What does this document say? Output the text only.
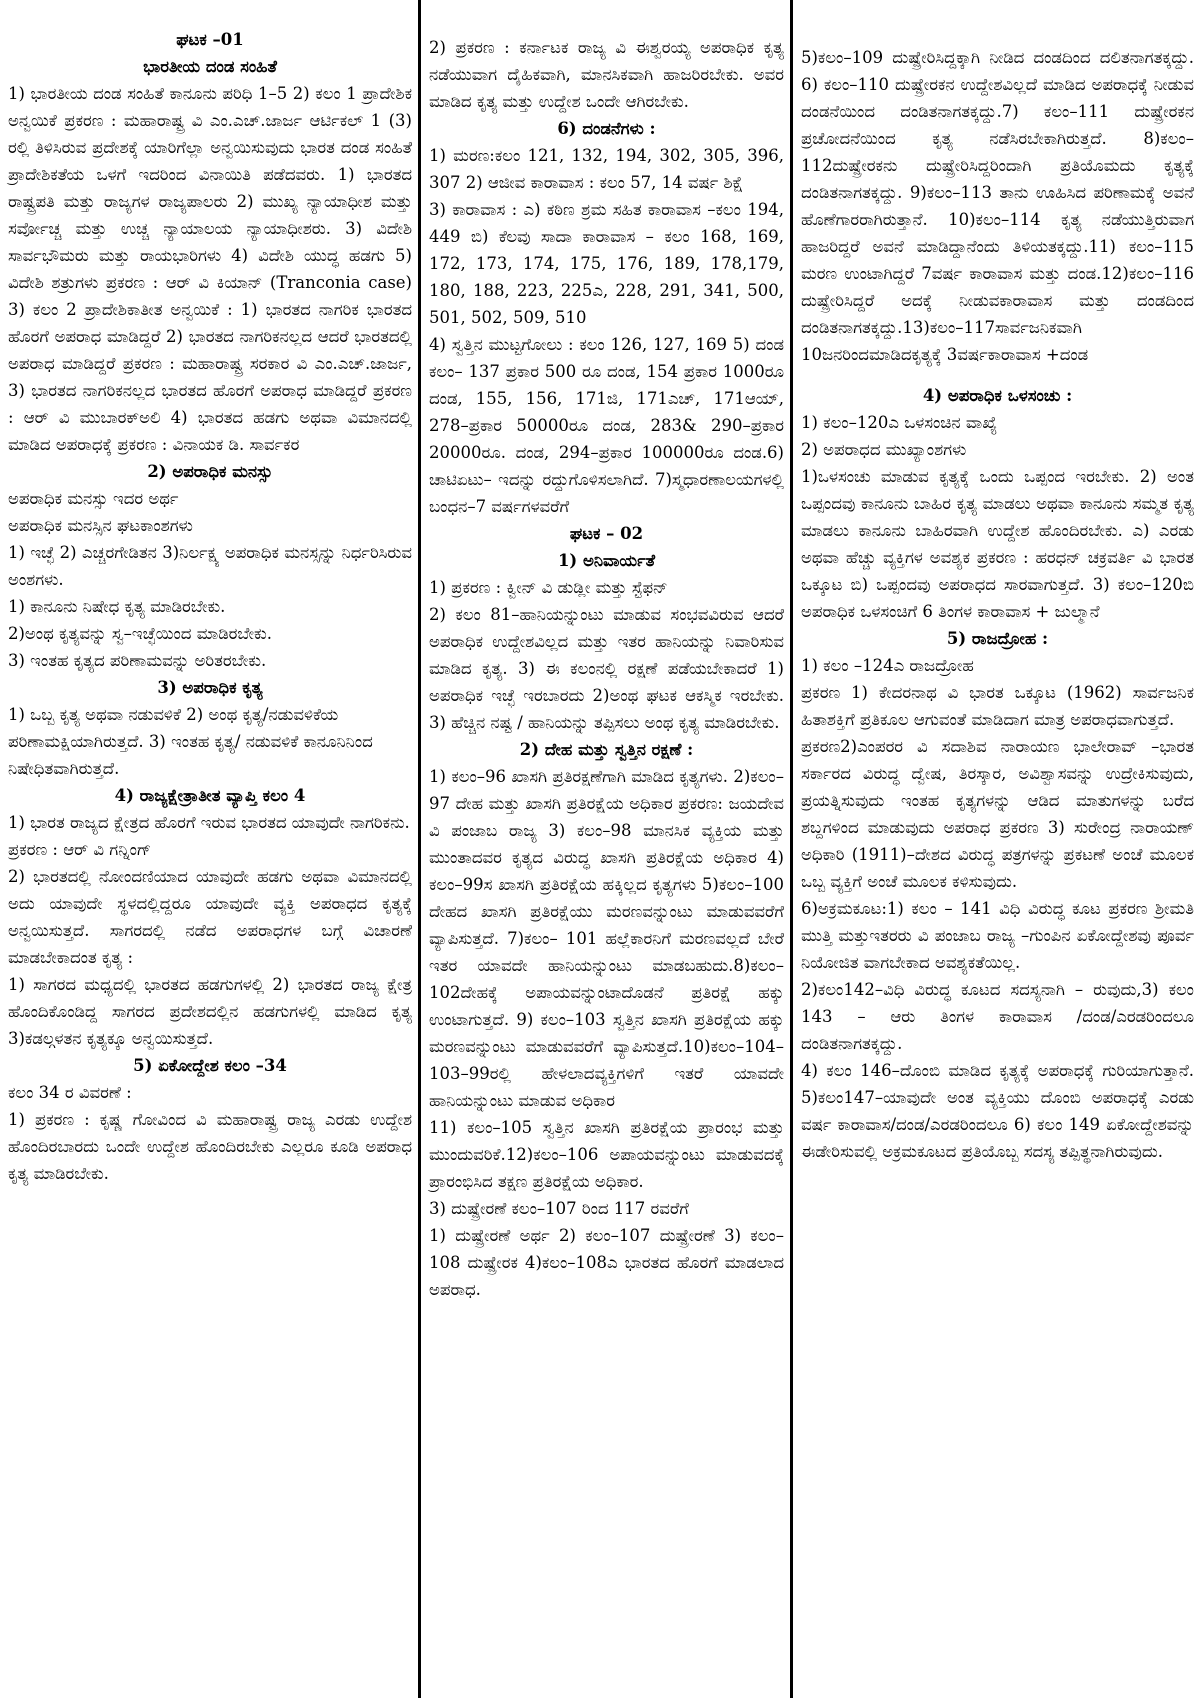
ಘಟಕ –01

ಭಾರತೀಯ ದಂಡ ಸಂಹಿತೆ

1) ಭಾರತೀಯ ದಂಡ ಸಂಹಿತೆ ಕಾನೂನು ಪರಿಧಿ 1–5 2) ಕಲಂ 1 ಪ್ರಾದೇಶಿಕ ಅನ್ವಯಿಕೆ ಪ್ರಕರಣ : ಮಹಾರಾಷ್ಟ್ರ ವಿ ಎಂ.ಎಚ್.ಜಾರ್ಜ ಆರ್ಟಿಕಲ್ 1 (3) ರಲ್ಲಿ ತಿಳಿಸಿರುವ ಪ್ರದೇಶಕ್ಕೆ ಯಾರಿಗೆಲ್ಲಾ ಅನ್ವಯಿಸುವುದು ಭಾರತ ದಂಡ ಸಂಹಿತೆ ಪ್ರಾದೇಶಿಕತೆಯ ಒಳಗೆ ಇದರಿಂದ ವಿನಾಯಿತಿ ಪಡೆದವರು. 1) ಭಾರತದ ರಾಷ್ಟ್ರಪತಿ ಮತ್ತು ರಾಜ್ಯಗಳ ರಾಜ್ಯಪಾಲರು 2) ಮುಖ್ಯ ನ್ಯಾಯಾಧೀಶ ಮತ್ತು ಸರ್ವೋಚ್ಚ ಮತ್ತು ಉಚ್ಚ ನ್ಯಾಯಾಲಯ ನ್ಯಾಯಾಧೀಶರು. 3) ವಿದೇಶಿ ಸಾರ್ವಭೌಮರು ಮತ್ತು ರಾಯಭಾರಿಗಳು 4) ವಿದೇಶಿ ಯುದ್ಧ ಹಡಗು 5) ವಿದೇಶಿ ಶತ್ರುಗಳು ಪ್ರಕರಣ : ಆರ್ ವಿ ಕಿಯಾನ್ (Tranconia case) 3) ಕಲಂ 2 ಪ್ರಾದೇಶಿಕಾತೀತ ಅನ್ವಯಿಕೆ : 1) ಭಾರತದ ನಾಗರಿಕ ಭಾರತದ ಹೊರಗೆ ಅಪರಾಧ ಮಾಡಿದ್ದರೆ 2) ಭಾರತದ ನಾಗರಿಕನಲ್ಲದ ಆದರೆ ಭಾರತದಲ್ಲಿ ಅಪರಾಧ ಮಾಡಿದ್ದರೆ ಪ್ರಕರಣ : ಮಹಾರಾಷ್ಟ್ರ ಸರಕಾರ ವಿ ಎಂ.ಎಚ್.ಜಾರ್ಜ, 3) ಭಾರತದ ನಾಗರಿಕನಲ್ಲದ ಭಾರತದ ಹೊರಗೆ ಅಪರಾಧ ಮಾಡಿದ್ದರೆ ಪ್ರಕರಣ : ಆರ್ ವಿ ಮುಬಾರಕ್‌ಅಲಿ 4) ಭಾರತದ ಹಡಗು ಅಥವಾ ವಿಮಾನದಲ್ಲಿ ಮಾಡಿದ ಅಪರಾಧಕ್ಕೆ ಪ್ರಕರಣ : ವಿನಾಯಕ ಡಿ. ಸಾರ್ವಕರ

2) ಅಪರಾಧಿಕ ಮನಸ್ಸು

ಅಪರಾಧಿಕ ಮನಸ್ಸು ಇದರ ಅರ್ಥ

ಅಪರಾಧಿಕ ಮನಸ್ಸಿನ ಘಟಕಾಂಶಗಳು

1) ಇಚ್ಛೆ 2) ಎಚ್ಚರಗೇಡಿತನ 3)ನಿರ್ಲಕ್ಷ್ಯ ಅಪರಾಧಿಕ ಮನಸ್ಸನ್ನು ನಿರ್ಧರಿಸಿರುವ ಅಂಶಗಳು.

1) ಕಾನೂನು ನಿಷೇಧ ಕೃತ್ಯ ಮಾಡಿರಬೇಕು.

2)ಅಂಥ ಕೃತ್ಯವನ್ನು ಸ್ವ–ಇಚ್ಛೆಯಿಂದ ಮಾಡಿರಬೇಕು.

3) ಇಂತಹ ಕೃತ್ಯದ ಪರಿಣಾಮವನ್ನು ಅರಿತರಬೇಕು.

3) ಅಪರಾಧಿಕ ಕೃತ್ಯ

1) ಒಬ್ಬ ಕೃತ್ಯ ಅಥವಾ ನಡುವಳಿಕೆ 2) ಅಂಥ ಕೃತ್ಯ/ನಡುವಳಿಕೆಯ

ಪರಿಣಾಮಕ್ಷಿಯಾಗಿರುತ್ತದೆ. 3) ಇಂತಹ ಕೃತ್ಯ/ ನಡುವಳಿಕೆ ಕಾನೂನಿನಿಂದ

ನಿಷೇಧಿತವಾಗಿರುತ್ತದೆ.

4) ರಾಜ್ಯಕ್ಷೇತ್ರಾತೀತ ವ್ಯಾಪ್ತಿ ಕಲಂ 4

1) ಭಾರತ ರಾಜ್ಯದ ಕ್ಷೇತ್ರದ ಹೊರಗೆ ಇರುವ ಭಾರತದ ಯಾವುದೇ ನಾಗರಿಕನು.

ಪ್ರಕರಣ : ಆರ್ ವಿ ಗನ್ನಿಂಗ್

2) ಭಾರತದಲ್ಲಿ ನೋಂದಣಿಯಾದ ಯಾವುದೇ ಹಡಗು ಅಥವಾ ವಿಮಾನದಲ್ಲಿ ಅದು ಯಾವುದೇ ಸ್ಥಳದಲ್ಲಿದ್ದರೂ ಯಾವುದೇ ವ್ಯಕ್ತಿ ಅಪರಾಧದ ಕೃತ್ಯಕ್ಕೆ ಅನ್ವಯಿಸುತ್ತದೆ. ಸಾಗರದಲ್ಲಿ ನಡೆದ ಅಪರಾಧಗಳ ಬಗ್ಗೆ ವಿಚಾರಣೆ ಮಾಡಬೇಕಾದಂತ ಕೃತ್ಯ :

1) ಸಾಗರದ ಮಧ್ಯದಲ್ಲಿ ಭಾರತದ ಹಡಗುಗಳಲ್ಲಿ 2) ಭಾರತದ ರಾಜ್ಯ ಕ್ಷೇತ್ರ ಹೊಂದಿಕೊಂಡಿದ್ದ ಸಾಗರದ ಪ್ರದೇಶದಲ್ಲಿನ ಹಡಗುಗಳಲ್ಲಿ ಮಾಡಿದ ಕೃತ್ಯ 3)ಕಡಲ್ಗಳತನ ಕೃತ್ಯಕ್ಕೂ ಅನ್ವಯಿಸುತ್ತದೆ.

5) ಏಕೋದ್ದೇಶ ಕಲಂ –34

ಕಲಂ 34 ರ ವಿವರಣೆ :

1) ಪ್ರಕರಣ : ಕೃಷ್ಣ ಗೋವಿಂದ ವಿ ಮಹಾರಾಷ್ಟ್ರ ರಾಜ್ಯ ಎರಡು ಉದ್ದೇಶ ಹೊಂದಿರಬಾರದು ಒಂದೇ ಉದ್ದೇಶ ಹೊಂದಿರಬೇಕು ಎಲ್ಲರೂ ಕೂಡಿ ಅಪರಾಧ ಕೃತ್ಯ ಮಾಡಿರಬೇಕು.

2) ಪ್ರಕರಣ : ಕರ್ನಾಟಕ ರಾಜ್ಯ ವಿ ಈಶ್ವರಯ್ಯ ಅಪರಾಧಿಕ ಕೃತ್ಯ ನಡೆಯುವಾಗ ದೈಹಿಕವಾಗಿ, ಮಾನಸಿಕವಾಗಿ ಹಾಜರಿರಬೇಕು. ಅವರ ಮಾಡಿದ ಕೃತ್ಯ ಮತ್ತು ಉದ್ದೇಶ ಒಂದೇ ಆಗಿರಬೇಕು.

6) ದಂಡನೆಗಳು :

1) ಮರಣ:ಕಲಂ 121, 132, 194, 302, 305, 396, 307 2) ಆಜೀವ ಕಾರಾವಾಸ : ಕಲಂ 57, 14 ವರ್ಷ ಶಿಕ್ಷೆ

3) ಕಾರಾವಾಸ : ಎ) ಕಠಿಣ ಶ್ರಮ ಸಹಿತ ಕಾರಾವಾಸ –ಕಲಂ 194, 449 ಬಿ) ಕೆಲವು ಸಾದಾ ಕಾರಾವಾಸ – ಕಲಂ 168, 169, 172, 173, 174, 175, 176, 189, 178,179, 180, 188, 223, 225ಎ, 228, 291, 341, 500, 501, 502, 509, 510

4) ಸ್ವತ್ತಿನ ಮುಟ್ಟಗೋಲು : ಕಲಂ 126, 127, 169 5) ದಂಡ ಕಲಂ– 137 ಪ್ರಕಾರ 500 ರೂ ದಂಡ, 154 ಪ್ರಕಾರ 1000ರೂ ದಂಡ, 155, 156, 171ಜಿ, 171ಎಚ್, 171ಆಯ್, 278–ಪ್ರಕಾರ 50000ರೂ ದಂಡ, 283& 290–ಪ್ರಕಾರ 20000ರೂ. ದಂಡ, 294–ಪ್ರಕಾರ 100000ರೂ ದಂಡ.6) ಚಾಟಿಏಟು– ಇದನ್ನು ರದ್ದುಗೊಳಿಸಲಾಗಿದೆ. 7)ಸ್ಮಧಾರಣಾಲಯಗಳಲ್ಲಿ ಬಂಧನ–7 ವರ್ಷಗಳವರೆಗೆ

ಘಟಕ – 02

1) ಅನಿವಾರ್ಯತೆ

1) ಪ್ರಕರಣ : ಕ್ವೀನ್ ವಿ ಡುಡ್ಲೀ ಮತ್ತು ಸ್ಟೆಫನ್

2) ಕಲಂ 81–ಹಾನಿಯನ್ನುಂಟು ಮಾಡುವ ಸಂಭವವಿರುವ ಆದರೆ ಅಪರಾಧಿಕ ಉದ್ದೇಶವಿಲ್ಲದ ಮತ್ತು ಇತರ ಹಾನಿಯನ್ನು ನಿವಾರಿಸುವ ಮಾಡಿದ ಕೃತ್ಯ. 3) ಈ ಕಲಂನಲ್ಲಿ ರಕ್ಷಣೆ ಪಡೆಯಬೇಕಾದರೆ 1) ಅಪರಾಧಿಕ ಇಚ್ಛೆ ಇರಬಾರದು 2)ಅಂಥ ಘಟಕ ಆಕಸ್ಮಿಕ ಇರಬೇಕು. 3) ಹೆಚ್ಚಿನ ನಷ್ಟ / ಹಾನಿಯನ್ನು ತಪ್ಪಿಸಲು ಅಂಥ ಕೃತ್ಯ ಮಾಡಿರಬೇಕು.

2) ದೇಹ ಮತ್ತು ಸ್ವತ್ತಿನ ರಕ್ಷಣೆ :

1) ಕಲಂ–96 ಖಾಸಗಿ ಪ್ರತಿರಕ್ಷಣೆಗಾಗಿ ಮಾಡಿದ ಕೃತ್ಯಗಳು. 2)ಕಲಂ–97 ದೇಹ ಮತ್ತು ಖಾಸಗಿ ಪ್ರತಿರಕ್ಷೆಯ ಅಧಿಕಾರ ಪ್ರಕರಣ: ಜಯದೇವ ವಿ ಪಂಜಾಬ ರಾಜ್ಯ 3) ಕಲಂ–98 ಮಾನಸಿಕ ವ್ಯಕ್ತಿಯ ಮತ್ತು ಮುಂತಾದವರ ಕೃತ್ಯದ ವಿರುದ್ಧ ಖಾಸಗಿ ಪ್ರತಿರಕ್ಷೆಯ ಅಧಿಕಾರ 4) ಕಲಂ–99ಸ ಖಾಸಗಿ ಪ್ರತಿರಕ್ಷೆಯ ಹಕ್ಕಿಲ್ಲದ ಕೃತ್ಯಗಳು 5)ಕಲಂ–100 ದೇಹದ ಖಾಸಗಿ ಪ್ರತಿರಕ್ಷೆಯು ಮರಣವನ್ನುಂಟು ಮಾಡುವವರೆಗೆ ವ್ಯಾಪಿಸುತ್ತದೆ. 7)ಕಲಂ– 101 ಹಲ್ಲೆಕಾರನಿಗೆ ಮರಣವಲ್ಲದೆ ಬೇರೆ ಇತರ ಯಾವದೇ ಹಾನಿಯನ್ನುಂಟು ಮಾಡಬಹುದು.8)ಕಲಂ– 102ದೇಹಕ್ಕೆ ಅಪಾಯವನ್ನುಂಟಾದೊಡನೆ ಪ್ರತಿರಕ್ಷೆ ಹಕ್ಕು ಉಂಟಾಗುತ್ತದೆ. 9) ಕಲಂ–103 ಸ್ವತ್ತಿನ ಖಾಸಗಿ ಪ್ರತಿರಕ್ಷೆಯ ಹಕ್ಕು ಮರಣವನ್ನುಂಟು ಮಾಡುವವರೆಗೆ ವ್ಯಾಪಿಸುತ್ತದೆ.10)ಕಲಂ–104–103–99ರಲ್ಲಿ ಹೇಳಲಾದವ್ಯಕ್ತಿಗಳಿಗೆ ಇತರೆ ಯಾವದೇ ಹಾನಿಯನ್ನುಂಟು ಮಾಡುವ ಅಧಿಕಾರ

11) ಕಲಂ–105 ಸ್ವತ್ತಿನ ಖಾಸಗಿ ಪ್ರತಿರಕ್ಷೆಯ ಪ್ರಾರಂಭ ಮತ್ತು ಮುಂದುವರಿಕೆ.12)ಕಲಂ–106 ಅಪಾಯವನ್ನುಂಟು ಮಾಡುವದಕ್ಕೆ ಪ್ರಾರಂಭಿಸಿದ ತಕ್ಷಣ ಪ್ರತಿರಕ್ಷೆಯ ಅಧಿಕಾರ.

3) ದುಷ್ಪ್ರೇರಣೆ ಕಲಂ–107 ರಿಂದ 117 ರವರೆಗೆ

1) ದುಷ್ಪ್ರೇರಣೆ ಅರ್ಥ 2) ಕಲಂ–107 ದುಷ್ಪ್ರೇರಣೆ 3) ಕಲಂ–108 ದುಷ್ಪ್ರೇರಕ 4)ಕಲಂ–108ಎ ಭಾರತದ ಹೊರಗೆ ಮಾಡಲಾದ ಅಪರಾಧ.

5)ಕಲಂ–109 ದುಷ್ಪ್ರೇರಿಸಿದ್ದಕ್ಕಾಗಿ ನೀಡಿದ ದಂಡದಿಂದ ದಲಿತನಾಗತಕ್ಕದ್ದು. 6) ಕಲಂ–110 ದುಷ್ಪ್ರೇರಕನ ಉದ್ದೇಶವಿಲ್ಲದೆ ಮಾಡಿದ ಅಪರಾಧಕ್ಕೆ ನೀಡುವ ದಂಡನೆಯಿಂದ ದಂಡಿತನಾಗತಕ್ಕದ್ದು.7) ಕಲಂ–111 ದುಷ್ಪ್ರೇರಕನ ಪ್ರಚೋದನೆಯಿಂದ ಕೃತ್ಯ ನಡೆಸಿರಬೇಕಾಗಿರುತ್ತದೆ. 8)ಕಲಂ–112ದುಷ್ಪ್ರೇರಕನು ದುಷ್ಪ್ರೇರಿಸಿದ್ದರಿಂದಾಗಿ ಪ್ರತಿಯೊಮದು ಕೃತ್ಯಕ್ಕೆ ದಂಡಿತನಾಗತಕ್ಕದ್ದು. 9)ಕಲಂ–113 ತಾನು ಊಹಿಸಿದ ಪರಿಣಾಮಕ್ಕೆ ಅವನೆ ಹೊಣೆಗಾರರಾಗಿರುತ್ತಾನೆ. 10)ಕಲಂ–114 ಕೃತ್ಯ ನಡೆಯುತ್ತಿರುವಾಗ ಹಾಜರಿದ್ದರೆ ಅವನೆ ಮಾಡಿದ್ದಾನೆಂದು ತಿಳಿಯತಕ್ಕದ್ದು.11) ಕಲಂ–115 ಮರಣ ಉಂಟಾಗಿದ್ದರೆ 7ವರ್ಷ ಕಾರಾವಾಸ ಮತ್ತು ದಂಡ.12)ಕಲಂ–116 ದುಷ್ಪ್ರೇರಿಸಿದ್ದರೆ ಅದಕ್ಕೆ ನೀಡುವಕಾರಾವಾಸ ಮತ್ತು ದಂಡದಿಂದ ದಂಡಿತನಾಗತಕ್ಕದ್ದು.13)ಕಲಂ–117ಸಾರ್ವಜನಿಕವಾಗಿ 10ಜನರಿಂದಮಾಡಿದಕೃತ್ಯಕ್ಕೆ 3ವರ್ಷಕಾರಾವಾಸ +ದಂಡ

4) ಅಪರಾಧಿಕ ಒಳಸಂಚು :

1) ಕಲಂ–120ಎ ಒಳಸಂಚಿನ ವಾಖ್ಯೆ

2) ಅಪರಾಧದ ಮುಖ್ಯಾಂಶಗಳು

1)ಒಳಸಂಚು ಮಾಡುವ ಕೃತ್ಯಕ್ಕೆ ಒಂದು ಒಪ್ಪಂದ ಇರಬೇಕು. 2) ಅಂತ ಒಪ್ಪಂದವು ಕಾನೂನು ಬಾಹಿರ ಕೃತ್ಯ ಮಾಡಲು ಅಥವಾ ಕಾನೂನು ಸಮ್ಮತ ಕೃತ್ಯ ಮಾಡಲು ಕಾನೂನು ಬಾಹಿರವಾಗಿ ಉದ್ದೇಶ ಹೊಂದಿರಬೇಕು. ಎ) ಎರಡು ಅಥವಾ ಹೆಚ್ಚು ವ್ಯಕ್ತಿಗಳ ಅವಶ್ಯಕ ಪ್ರಕರಣ : ಹರಧನ್ ಚಕ್ರವರ್ತಿ ವಿ ಭಾರತ ಒಕ್ಕೂಟ ಬಿ) ಒಪ್ಪಂದವು ಅಪರಾಧದ ಸಾರವಾಗುತ್ತದೆ. 3) ಕಲಂ–120ಬಿ ಅಪರಾಧಿಕ ಒಳಸಂಚಿಗೆ 6 ತಿಂಗಳ ಕಾರಾವಾಸ + ಜುಲ್ಮಾನೆ

5) ರಾಜದ್ರೋಹ :

1) ಕಲಂ –124ಎ ರಾಜದ್ರೋಹ

ಪ್ರಕರಣ 1) ಕೇದರನಾಥ ವಿ ಭಾರತ ಒಕ್ಕೂಟ (1962) ಸಾರ್ವಜನಿಕ ಹಿತಾಶಕ್ತಿಗೆ ಪ್ರತಿಕೂಲ ಆಗುವಂತೆ ಮಾಡಿದಾಗ ಮಾತ್ರ ಅಪರಾಧವಾಗುತ್ತದೆ.

ಪ್ರಕರಣ2)ಎಂಪರರ ವಿ ಸದಾಶಿವ ನಾರಾಯಣ ಭಾಲೇರಾವ್ –ಭಾರತ ಸರ್ಕಾರದ ವಿರುದ್ಧ ದ್ವೇಷ, ತಿರಸ್ಕಾರ, ಅವಿಶ್ವಾಸವನ್ನು ಉದ್ರೇಕಿಸುವುದು, ಪ್ರಯತ್ನಿಸುವುದು ಇಂತಹ ಕೃತ್ಯಗಳನ್ನು ಆಡಿದ ಮಾತುಗಳನ್ನು ಬರೆದ ಶಬ್ದಗಳಿಂದ ಮಾಡುವುದು ಅಪರಾಧ ಪ್ರಕರಣ 3) ಸುರೇಂದ್ರ ನಾರಾಯಣ್ ಅಧಿಕಾರಿ (1911)–ದೇಶದ ವಿರುದ್ಧ ಪತ್ರಗಳನ್ನು ಪ್ರಕಟಣೆ ಅಂಚೆ ಮೂಲಕ ಒಬ್ಬ ವ್ಯಕ್ತಿಗೆ ಅಂಚೆ ಮೂಲಕ ಕಳಿಸುವುದು.

6)ಅಕ್ರಮಕೂಟ:1) ಕಲಂ – 141 ವಿಧಿ ವಿರುದ್ಧ ಕೂಟ ಪ್ರಕರಣ ಶ್ರೀಮತಿ ಮುತ್ತಿ ಮತ್ತುಇತರರು ವಿ ಪಂಜಾಬ ರಾಜ್ಯ –ಗುಂಪಿನ ಏಕೋದ್ದೇಶವು ಪೂರ್ವ ನಿಯೋಜಿತ ವಾಗಬೇಕಾದ ಅವಶ್ಯಕತೆಯಿಲ್ಲ.

2)ಕಲಂ142–ವಿಧಿ ವಿರುದ್ಧ ಕೂಟದ ಸದಸ್ಯನಾಗಿ – ರುವುದು,3) ಕಲಂ 143 – ಆರು ತಿಂಗಳ ಕಾರಾವಾಸ /ದಂಡ/ಎರಡರಿಂದಲೂ ದಂಡಿತನಾಗತಕ್ಕದ್ದು.

4) ಕಲಂ 146–ದೊಂಬಿ ಮಾಡಿದ ಕೃತ್ಯಕ್ಕೆ ಅಪರಾಧಕ್ಕೆ ಗುರಿಯಾಗುತ್ತಾನೆ. 5)ಕಲಂ147–ಯಾವುದೇ ಅಂತ ವ್ಯಕ್ತಿಯು ದೊಂಬಿ ಅಪರಾಧಕ್ಕೆ ಎರಡು ವರ್ಷ ಕಾರಾವಾಸ/ದಂಡ/ಎರಡರಿಂದಲೂ 6) ಕಲಂ 149 ಏಕೋದ್ದೇಶವನ್ನು ಈಡೇರಿಸುವಲ್ಲಿ ಅಕ್ರಮಕೂಟದ ಪ್ರತಿಯೊಬ್ಬ ಸದಸ್ಯ ತಪ್ಪಿತ್ಥನಾಗಿರುವುದು.
